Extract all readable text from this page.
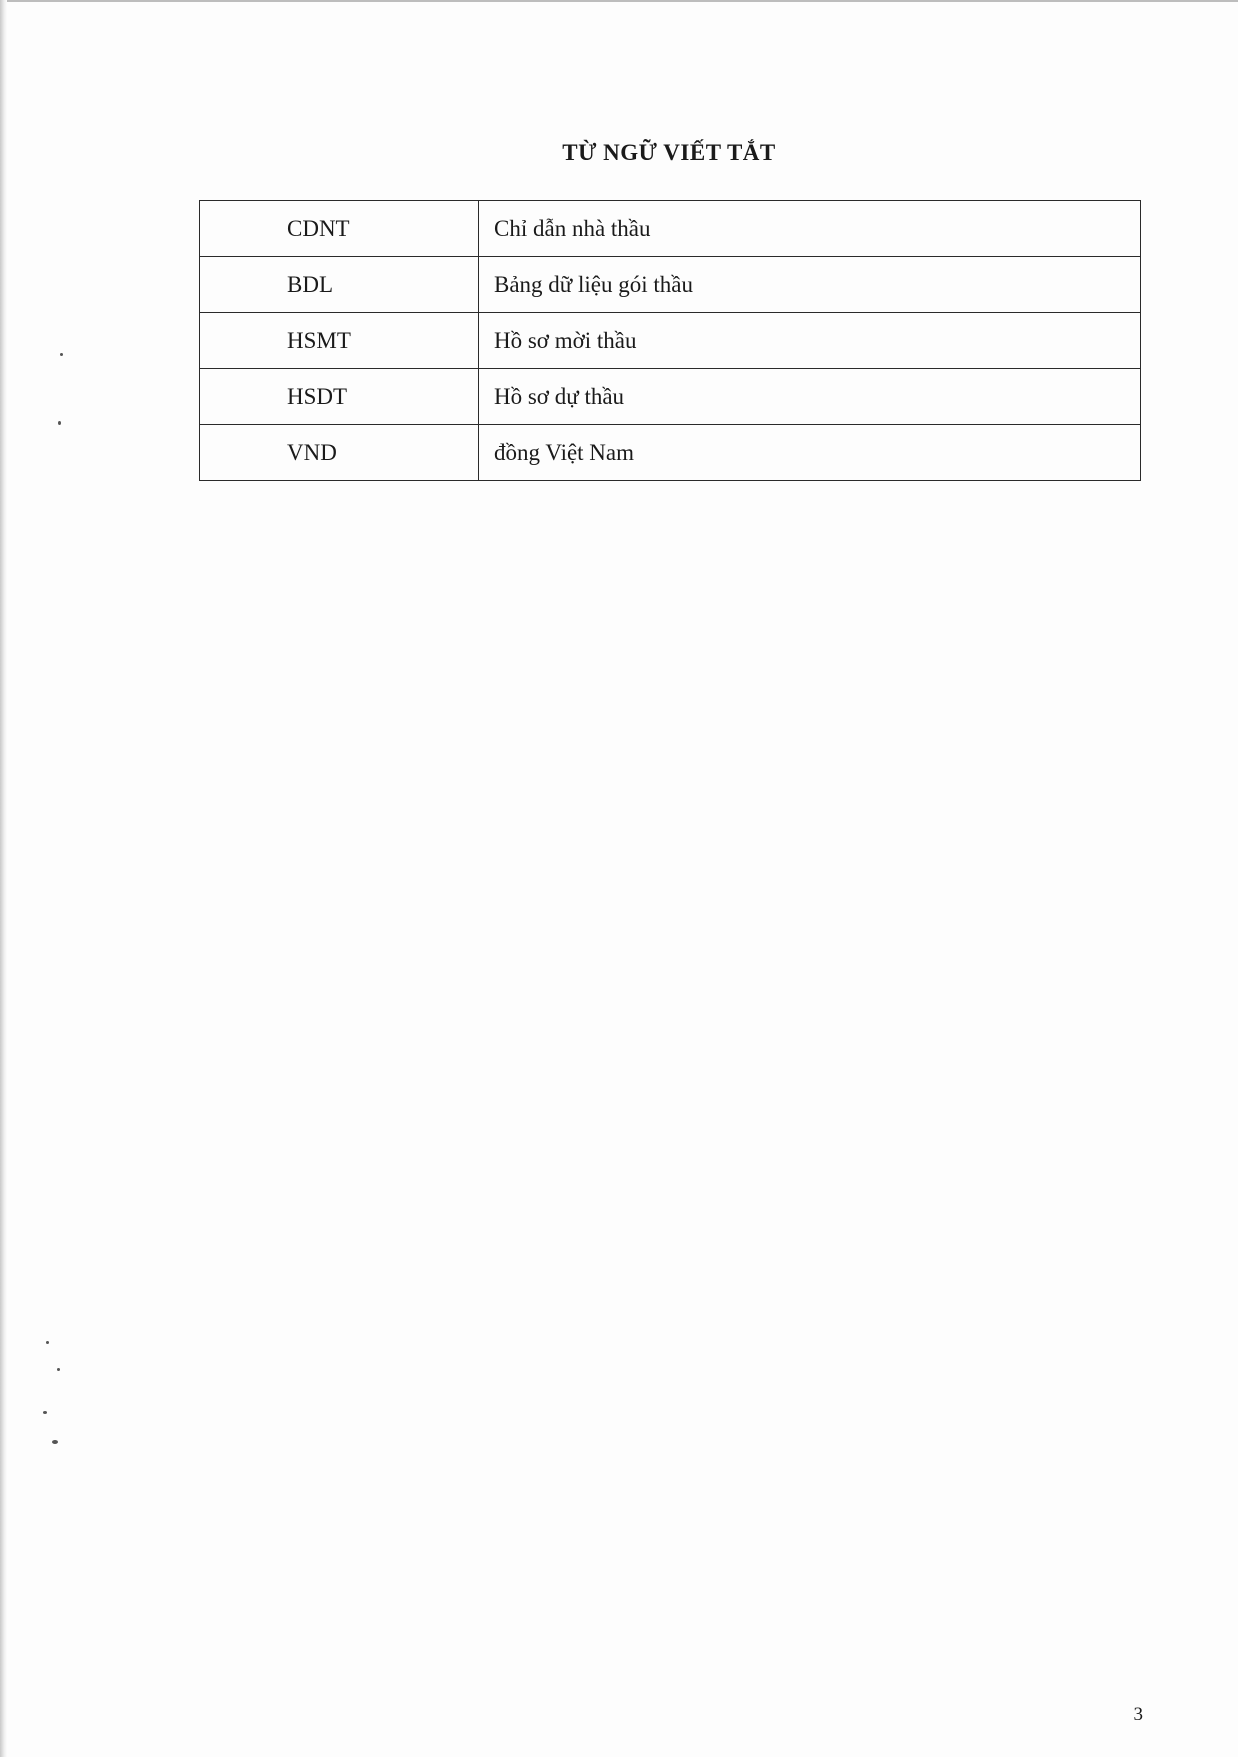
TỪ NGỮ VIẾT TẮT
CDNT	Chỉ dẫn nhà thầu
BDL	Bảng dữ liệu gói thầu
HSMT	Hồ sơ mời thầu
HSDT	Hồ sơ dự thầu
VND	đồng Việt Nam
3
